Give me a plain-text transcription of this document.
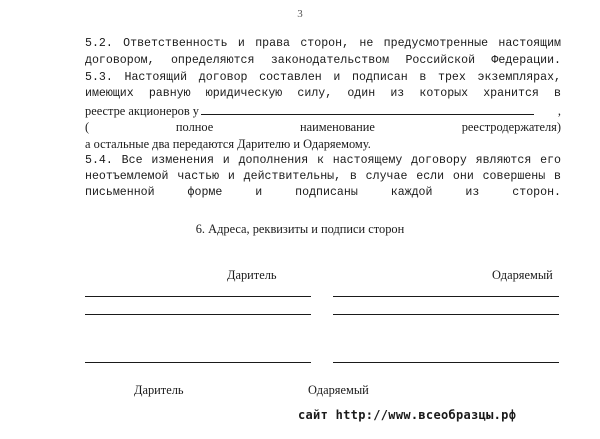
3
5.2. Ответственность и права сторон, не предусмотренные настоящим
договором, определяются законодательством Российской Федерации.
5.3. Настоящий договор составлен и подписан в трех экземплярах,
имеющих равную юридическую силу, один из которых хранится в
реестре акционеров у	,
( полное наименование реестродержателя)
а остальные два передаются Дарителю и Одаряемому.
5.4. Все изменения и дополнения к настоящему договору являются его
неотъемлемой частью и действительны, в случае если они совершены в
письменной форме и подписаны каждой из сторон.
6. Адреса, реквизиты и подписи сторон
Даритель	Одаряемый
Даритель	Одаряемый
сайт http://www.всеобразцы.рф
